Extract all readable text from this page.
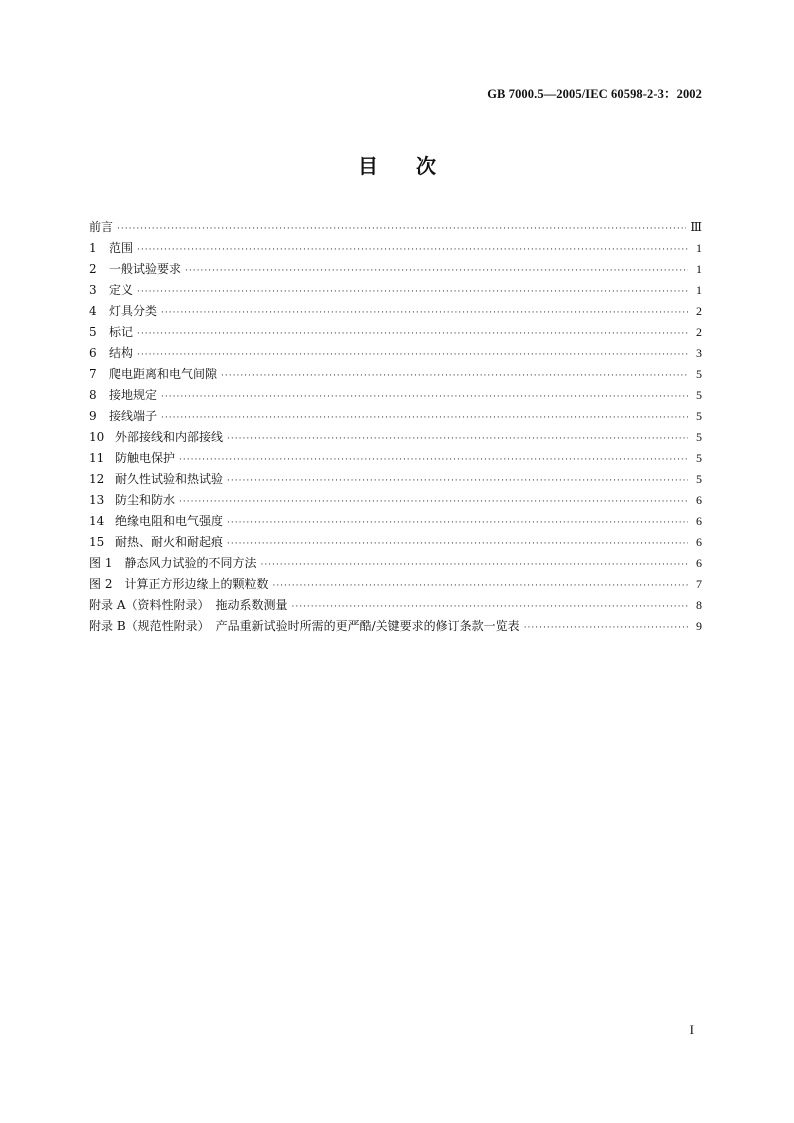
GB 7000.5—2005/IEC 60598-2-3：2002
目次
前言 ·····	Ⅲ
1 范围 ·····	1
2 一般试验要求 ·····	1
3 定义 ·····	1
4 灯具分类 ·····	2
5 标记 ·····	2
6 结构 ·····	3
7 爬电距离和电气间隙 ·····	5
8 接地规定 ·····	5
9 接线端子 ·····	5
10 外部接线和内部接线 ·····	5
11 防触电保护 ·····	5
12 耐久性试验和热试验 ·····	5
13 防尘和防水 ·····	6
14 绝缘电阻和电气强度 ·····	6
15 耐热、耐火和耐起痕 ·····	6
图 1　静态风力试验的不同方法 ·····	6
图 2　计算正方形边缘上的颗粒数 ·····	7
附录 A（资料性附录）　拖动系数测量 ·····	8
附录 B（规范性附录）　产品重新试验时所需的更严酷/关键要求的修订条款一览表 ·····	9
I
